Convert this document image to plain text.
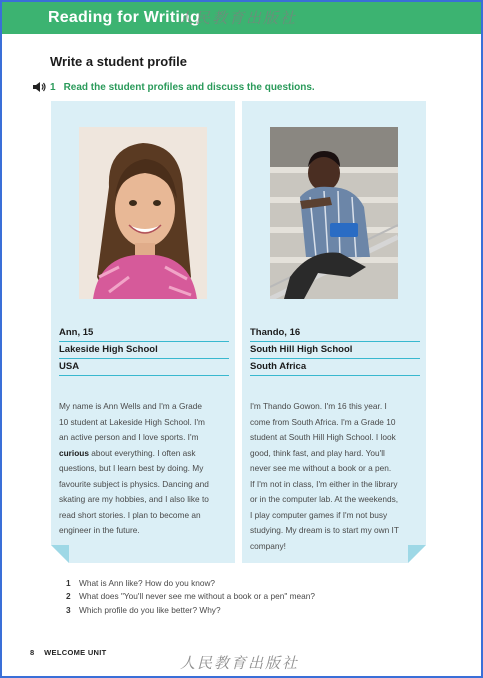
Reading for Writing
人民教育出版社
Write a student profile
1 Read the student profiles and discuss the questions.
Ann, 15
Lakeside High School
USA
My name is Ann Wells and I'm a Grade
10 student at Lakeside High School. I'm
an active person and I love sports. I'm
curious about everything. I often ask
questions, but I learn best by doing. My
favourite subject is physics. Dancing and
skating are my hobbies, and I also like to
read short stories. I plan to become an
engineer in the future.
Thando, 16
South Hill High School
South Africa
I'm Thando Gowon. I'm 16 this year. I
come from South Africa. I'm a Grade 10
student at South Hill High School. I look
good, think fast, and play hard. You'll
never see me without a book or a pen.
If I'm not in class, I'm either in the library
or in the computer lab. At the weekends,
I play computer games if I'm not busy
studying. My dream is to start my own IT
company!
1	What is Ann like? How do you know?
2	What does "You'll never see me without a book or a pen" mean?
3	Which profile do you like better? Why?
8 WELCOME UNIT
人民教育出版社
